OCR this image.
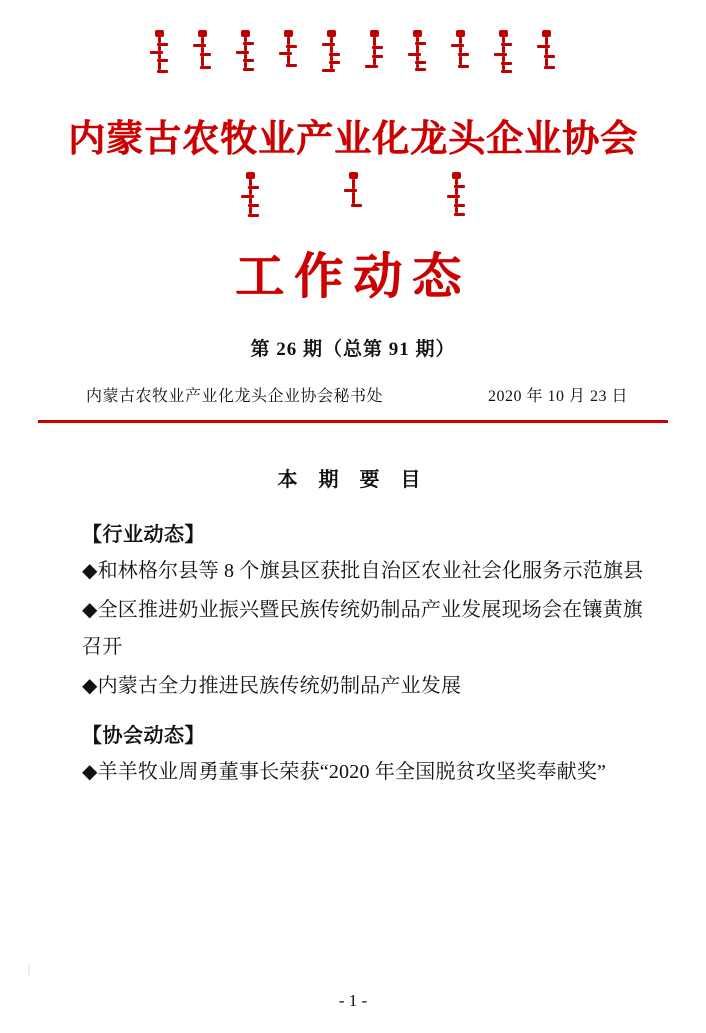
内蒙古农牧业产业化龙头企业协会
工作动态
第 26 期（总第 91 期）
内蒙古农牧业产业化龙头企业协会秘书处	2020 年 10 月 23 日
本 期 要 目
【行业动态】
◆和林格尔县等 8 个旗县区获批自治区农业社会化服务示范旗县
◆全区推进奶业振兴暨民族传统奶制品产业发展现场会在镶黄旗召开
◆内蒙古全力推进民族传统奶制品产业发展
【协会动态】
◆羊羊牧业周勇董事长荣获“2020 年全国脱贫攻坚奖奉献奖”
- 1 -
